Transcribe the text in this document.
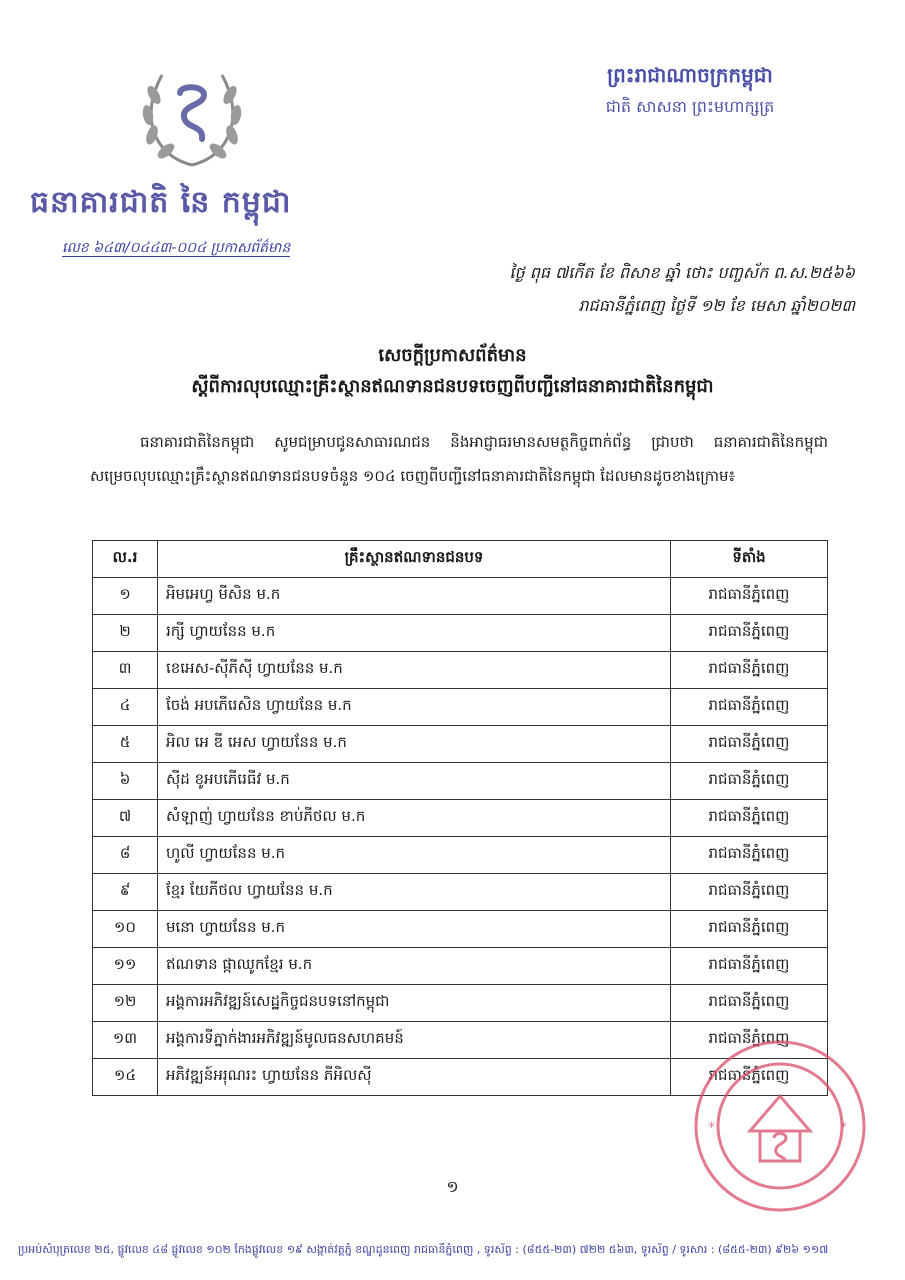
ធនាគារជាតិ នៃ កម្ពុជា
លេខ ៦៤៣/០៤៤៣-០០៤ ប្រកាសព័ត៌មាន
ព្រះរាជាណាចក្រកម្ពុជា
ជាតិ សាសនា ព្រះមហាក្សត្រ
ថ្ងៃ ពុធ ៧កើត ខែ ពិសាខ ឆ្នាំ ថោះ បញ្ចស័ក ព.ស.២៥៦៦
រាជធានីភ្នំពេញ ថ្ងៃទី ១២ ខែ មេសា ឆ្នាំ២០២៣
សេចក្តីប្រកាសព័ត៌មាន
ស្តីពីការលុបឈ្មោះគ្រឹះស្ថានឥណទានជនបទចេញពីបញ្ជីនៅធនាគារជាតិនៃកម្ពុជា

ធនាគារជាតិនៃកម្ពុជា សូមជម្រាបជូនសាធារណជន និងអាជ្ញាធរមានសមត្ថកិច្ចពាក់ព័ន្ធ ជ្រាបថា ធនាគារជាតិនៃកម្ពុជា សម្រេចលុបឈ្មោះគ្រឹះស្ថានឥណទានជនបទចំនួន ១០៤ ចេញពីបញ្ជីនៅធនាគារជាតិនៃកម្ពុជា ដែលមានដូចខាងក្រោម៖

ល.រ	គ្រឹះស្ថានឥណទានជនបទ	ទីតាំង
១	អិមអេហ្វ មីសិន ម.ក	រាជធានីភ្នំពេញ
២	រក្សី ហ្វាយនែន ម.ក	រាជធានីភ្នំពេញ
៣	ខេអេស-ស៊ីភីស៊ី ហ្វាយនែន ម.ក	រាជធានីភ្នំពេញ
៤	ចែង់ អបភើរេសិន ហ្វាយនែន ម.ក	រាជធានីភ្នំពេញ
៥	អិល អេ ឌី អេស ហ្វាយនែន ម.ក	រាជធានីភ្នំពេញ
៦	ស៊ីដ ខូអបភើរេធីវ ម.ក	រាជធានីភ្នំពេញ
៧	សំឡាញ់ ហ្វាយនែន ខាប់ភីថល ម.ក	រាជធានីភ្នំពេញ
៨	ហូលី ហ្វាយនែន ម.ក	រាជធានីភ្នំពេញ
៩	ខ្មែរ យែភីថល ហ្វាយនែន ម.ក	រាជធានីភ្នំពេញ
១០	មនោ ហ្វាយនែន ម.ក	រាជធានីភ្នំពេញ
១១	ឥណទាន ផ្កាឈូកខ្មែរ ម.ក	រាជធានីភ្នំពេញ
១២	អង្គការអភិវឌ្ឍន៍សេដ្ឋកិច្ចជនបទនៅកម្ពុជា	រាជធានីភ្នំពេញ
១៣	អង្គការទីភ្នាក់ងារអភិវឌ្ឍន៍មូលធនសហគមន៍	រាជធានីភ្នំពេញ
១៤	អភិវឌ្ឍន៍អរុណរះ ហ្វាយនែន ភីអិលស៊ី	រាជធានីភ្នំពេញ
១
*	*
ប្រអប់សំបុត្រលេខ ២៥, ផ្លូវលេខ ៤៨ ផ្លូវលេខ ១០២ កែងផ្លូវលេខ ១៩ សង្កាត់វត្តភ្នំ ខណ្ឌដូនពេញ រាជធានីភ្នំពេញ , ទូរស័ព្ទ : (៨៥៥-២៣) ៧២២ ៥៦៣, ទូរស័ព្ទ / ទូរសារ : (៨៥៥-២៣) ៩២៦ ១១៧
